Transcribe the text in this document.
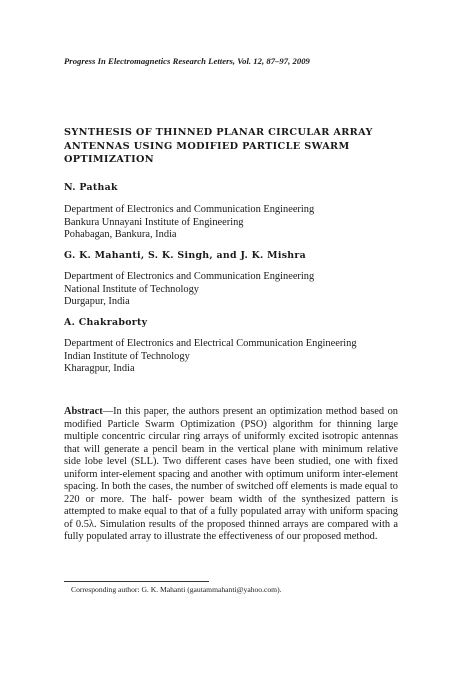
Progress In Electromagnetics Research Letters, Vol. 12, 87–97, 2009
SYNTHESIS OF THINNED PLANAR CIRCULAR ARRAY
ANTENNAS USING MODIFIED PARTICLE SWARM
OPTIMIZATION
N. Pathak
Department of Electronics and Communication Engineering
Bankura Unnayani Institute of Engineering
Pohabagan, Bankura, India
G. K. Mahanti, S. K. Singh, and J. K. Mishra
Department of Electronics and Communication Engineering
National Institute of Technology
Durgapur, India
A. Chakraborty
Department of Electronics and Electrical Communication Engineering
Indian Institute of Technology
Kharagpur, India
Abstract—In this paper, the authors present an optimization method based on modified Particle Swarm Optimization (PSO) algorithm for thinning large multiple concentric circular ring arrays of uniformly excited isotropic antennas that will generate a pencil beam in the vertical plane with minimum relative side lobe level (SLL). Two different cases have been studied, one with fixed uniform inter-element spacing and another with optimum uniform inter-element spacing. In both the cases, the number of switched off elements is made equal to 220 or more. The half- power beam width of the synthesized pattern is attempted to make equal to that of a fully populated array with uniform spacing of 0.5λ. Simulation results of the proposed thinned arrays are compared with a fully populated array to illustrate the effectiveness of our proposed method.
Corresponding author: G. K. Mahanti (gautammahanti@yahoo.com).
